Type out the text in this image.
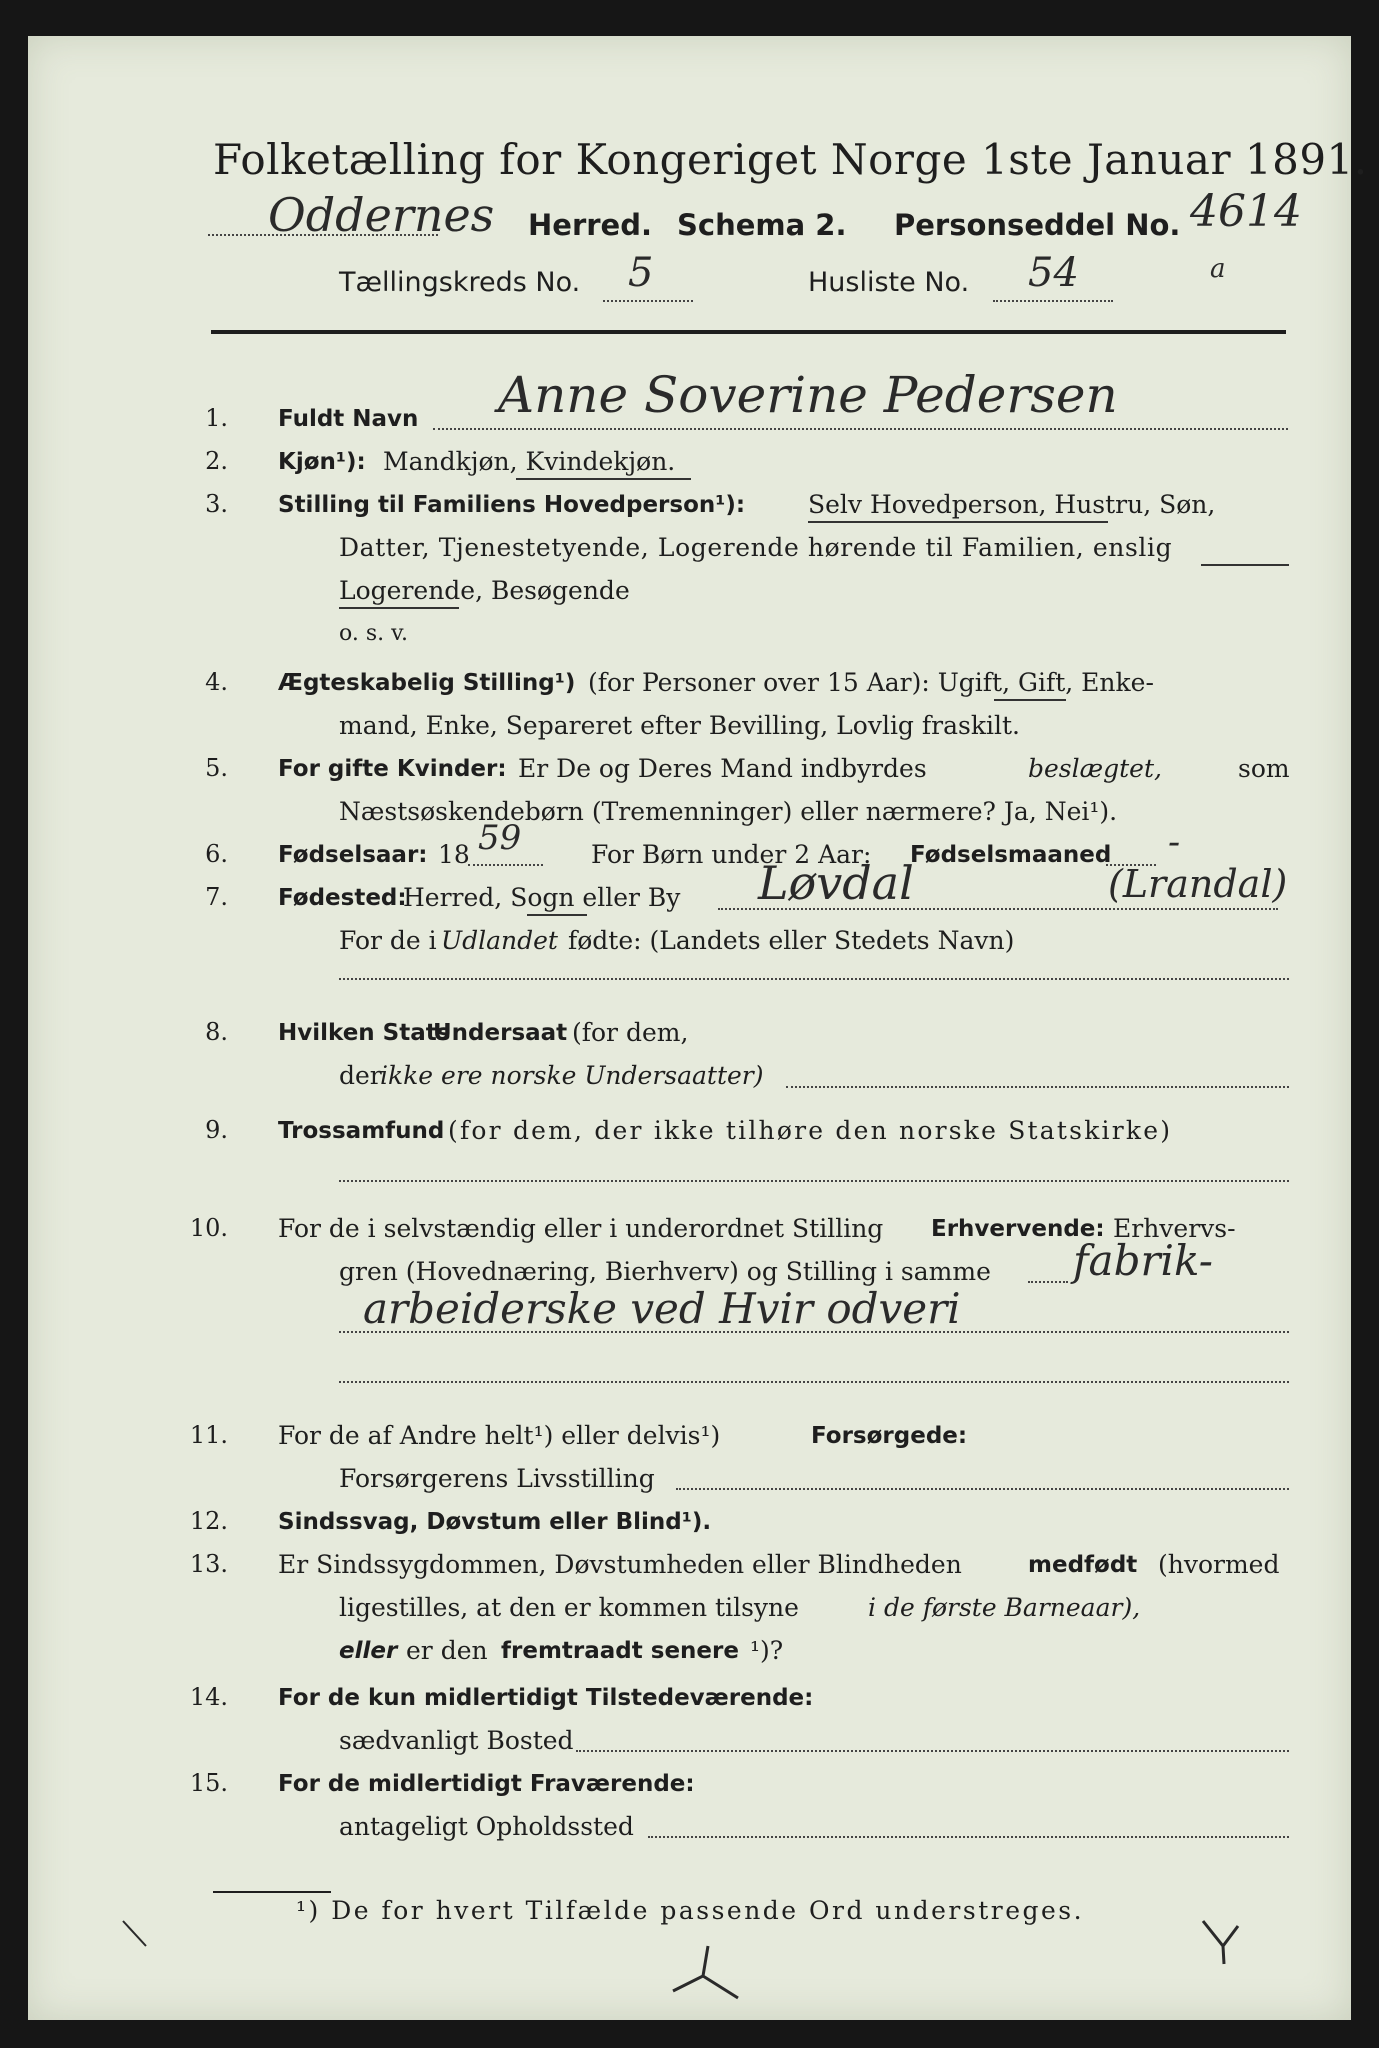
Folketælling for Kongeriget Norge 1ste Januar 1891.
Oddernes Herred. Schema 2. Personseddel No. 4614
Tællingskreds No. 5	Husliste No. 54	a
1. Fuldt Navn Anne Soverine Pedersen
2. Kjøn¹): Mandkjøn, Kvindekjøn.
3. Stilling til Familiens Hovedperson¹):	Selv Hovedperson, Hustru, Søn,
Datter, Tjenestetyende, Logerende hørende til Familien, enslig
Logerende, Besøgende
o. s. v.
4. Ægteskabelig Stilling¹) (for Personer over 15 Aar): Ugift, Gift, Enke-
mand, Enke, Separeret efter Bevilling, Lovlig fraskilt.
5. For gifte Kvinder: Er De og Deres Mand indbyrdes	beslægtet,	som
Næstsøskendebørn (Tremenninger) eller nærmere? Ja, Nei¹).
6. Fødselsaar: 18 59	For Børn under 2 Aar: Fødselsmaaned -
7. Fødested:
Herred, Sogn eller By Løvdal	(Lrandal)
For de i Udlandet fødte: (Landets eller Stedets Navn)
8. Hvilken Stats
Undersaat (for dem,
der
ikke ere norske Undersaatter)
9. Trossamfund (for dem, der ikke tilhøre den norske Statskirke)
10. For de i selvstændig eller i underordnet Stilling Erhvervende: Erhvervs-
gren (Hovednæring, Bierhverv) og Stilling i samme fabrik-
arbeiderske ved Hvir odveri
11. For de af Andre helt¹) eller delvis¹)	Forsørgede:
Forsørgerens Livsstilling
12. Sindssvag, Døvstum eller Blind¹).
13. Er Sindssygdommen, Døvstumheden eller Blindheden	medfødt (hvormed
ligestilles, at den er kommen tilsyne	i de første Barneaar),
eller er den fremtraadt senere ¹)?
14. For de kun midlertidigt Tilstedeværende:
sædvanligt Bosted
15. For de midlertidigt Fraværende:
antageligt Opholdssted
¹) De for hvert Tilfælde passende Ord understreges.
